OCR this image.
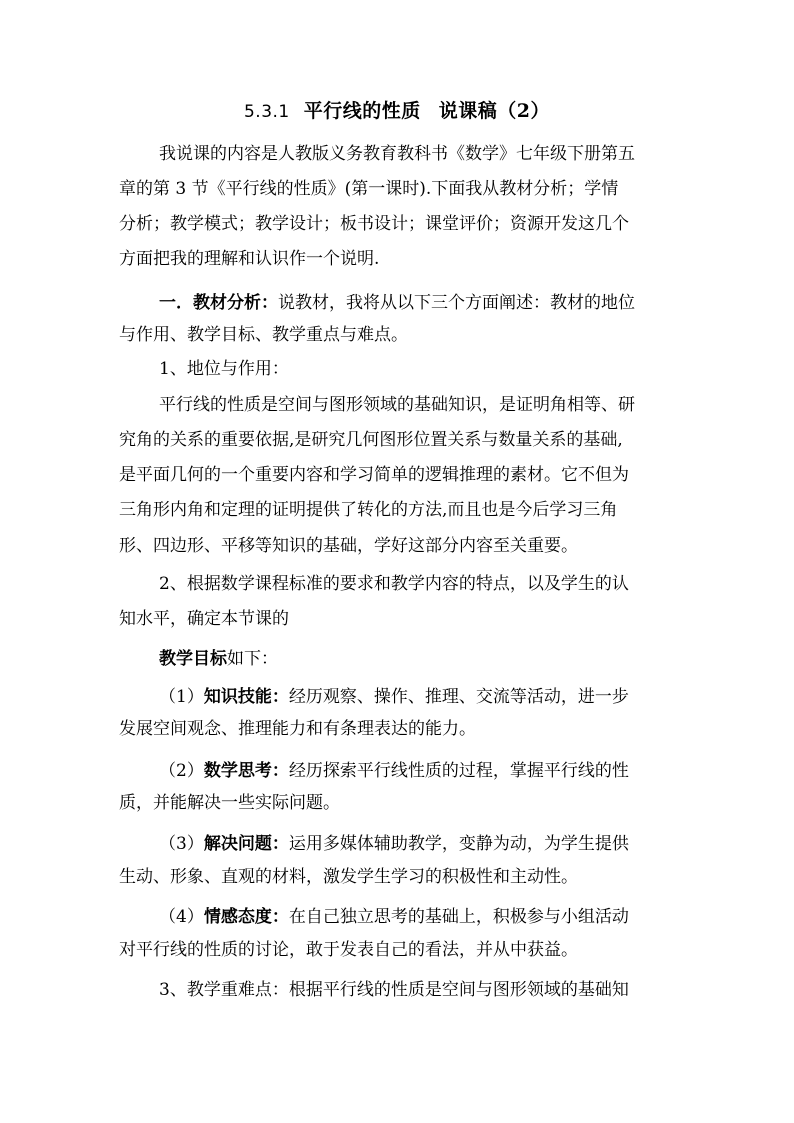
5.3.1 平行线的性质 说课稿（2）
我说课的内容是人教版义务教育教科书《数学》七年级下册第五
章的第 3 节《平行线的性质》(第一课时).下面我从教材分析；学情
分析；教学模式；教学设计；板书设计；课堂评价；资源开发这几个
方面把我的理解和认识作一个说明.
一．教材分析：说教材，我将从以下三个方面阐述：教材的地位
与作用、教学目标、教学重点与难点。
1、地位与作用：
平行线的性质是空间与图形领域的基础知识，是证明角相等、研
究角的关系的重要依据,是研究几何图形位置关系与数量关系的基础,
是平面几何的一个重要内容和学习简单的逻辑推理的素材。它不但为
三角形内角和定理的证明提供了转化的方法,而且也是今后学习三角
形、四边形、平移等知识的基础，学好这部分内容至关重要。
2、根据数学课程标准的要求和教学内容的特点，以及学生的认
知水平，确定本节课的
教学目标如下：
（1）知识技能：经历观察、操作、推理、交流等活动，进一步
发展空间观念、推理能力和有条理表达的能力。
（2）数学思考：经历探索平行线性质的过程，掌握平行线的性
质，并能解决一些实际问题。
（3）解决问题：运用多媒体辅助教学，变静为动，为学生提供
生动、形象、直观的材料，激发学生学习的积极性和主动性。
（4）情感态度：在自己独立思考的基础上，积极参与小组活动
对平行线的性质的讨论，敢于发表自己的看法，并从中获益。
3、教学重难点：根据平行线的性质是空间与图形领域的基础知
